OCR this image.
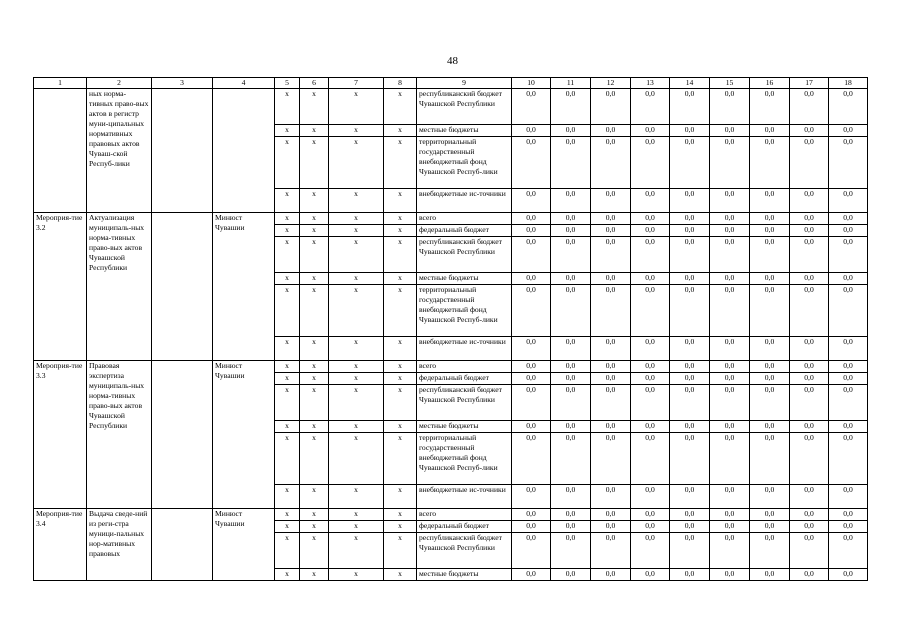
48
1	2	3	4	5	6	7	8	9	10	11	12	13	14	15	16	17	18
	ных норма-тивных право-вых актов в регистр муни-ципальных нормативных правовых актов Чуваш-ской Респуб-лики			x	x	x	x	республиканский бюджет Чувашской Республики	0,0	0,0	0,0	0,0	0,0	0,0	0,0	0,0	0,0
				x	x	x	x	местные бюджеты	0,0	0,0	0,0	0,0	0,0	0,0	0,0	0,0	0,0
				x	x	x	x	территориальный государственный внебюджетный фонд Чувашской Респуб-лики	0,0	0,0	0,0	0,0	0,0	0,0	0,0	0,0	0,0
				x	x	x	x	внебюджетные ис-точники	0,0	0,0	0,0	0,0	0,0	0,0	0,0	0,0	0,0
Мероприя-тие 3.2	Актуализация муниципаль-ных норма-тивных право-вых актов Чувашской Республики		Минюст Чувашии	x	x	x	x	всего	0,0	0,0	0,0	0,0	0,0	0,0	0,0	0,0	0,0
				x	x	x	x	федеральный бюджет	0,0	0,0	0,0	0,0	0,0	0,0	0,0	0,0	0,0
				x	x	x	x	республиканский бюджет Чувашской Республики	0,0	0,0	0,0	0,0	0,0	0,0	0,0	0,0	0,0
				x	x	x	x	местные бюджеты	0,0	0,0	0,0	0,0	0,0	0,0	0,0	0,0	0,0
				x	x	x	x	территориальный государственный внебюджетный фонд Чувашской Респуб-лики	0,0	0,0	0,0	0,0	0,0	0,0	0,0	0,0	0,0
				x	x	x	x	внебюджетные ис-точники	0,0	0,0	0,0	0,0	0,0	0,0	0,0	0,0	0,0
Мероприя-тие 3.3	Правовая экспертиза муниципаль-ных норма-тивных право-вых актов Чувашской Республики		Минюст Чувашии	x	x	x	x	всего	0,0	0,0	0,0	0,0	0,0	0,0	0,0	0,0	0,0
				x	x	x	x	федеральный бюджет	0,0	0,0	0,0	0,0	0,0	0,0	0,0	0,0	0,0
				x	x	x	x	республиканский бюджет Чувашской Республики	0,0	0,0	0,0	0,0	0,0	0,0	0,0	0,0	0,0
				x	x	x	x	местные бюджеты	0,0	0,0	0,0	0,0	0,0	0,0	0,0	0,0	0,0
				x	x	x	x	территориальный государственный внебюджетный фонд Чувашской Респуб-лики	0,0	0,0	0,0	0,0	0,0	0,0	0,0	0,0	0,0
				x	x	x	x	внебюджетные ис-точники	0,0	0,0	0,0	0,0	0,0	0,0	0,0	0,0	0,0
Мероприя-тие 3.4	Выдача сведе-ний из реги-стра муници-пальных нор-мативных правовых		Минюст Чувашии	x	x	x	x	всего	0,0	0,0	0,0	0,0	0,0	0,0	0,0	0,0	0,0
				x	x	x	x	федеральный бюджет	0,0	0,0	0,0	0,0	0,0	0,0	0,0	0,0	0,0
				x	x	x	x	республиканский бюджет Чувашской Республики	0,0	0,0	0,0	0,0	0,0	0,0	0,0	0,0	0,0
				x	x	x	x	местные бюджеты	0,0	0,0	0,0	0,0	0,0	0,0	0,0	0,0	0,0
